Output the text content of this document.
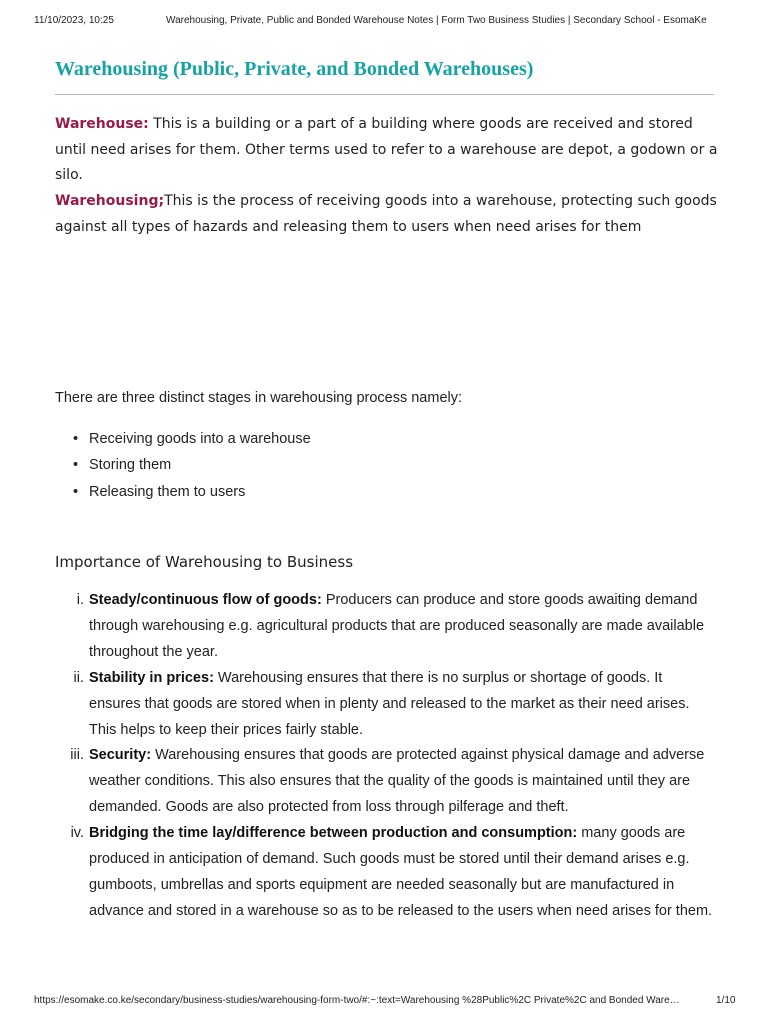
11/10/2023, 10:25	Warehousing, Private, Public and Bonded Warehouse Notes | Form Two Business Studies | Secondary School - EsomaKe
Warehousing (Public, Private, and Bonded Warehouses)

Warehouse: This is a building or a part of a building where goods are received and stored until need arises for them. Other terms used to refer to a warehouse are depot, a godown or a silo.

Warehousing;This is the process of receiving goods into a warehouse, protecting such goods against all types of hazards and releasing them to users when need arises for them

There are three distinct stages in warehousing process namely:

• Receiving goods into a warehouse
• Storing them
• Releasing them to users
Importance of Warehousing to Business
i. Steady/continuous flow of goods: Producers can produce and store goods awaiting demand through warehousing e.g. agricultural products that are produced seasonally are made available throughout the year.
ii. Stability in prices: Warehousing ensures that there is no surplus or shortage of goods. It ensures that goods are stored when in plenty and released to the market as their need arises. This helps to keep their prices fairly stable.
iii. Security: Warehousing ensures that goods are protected against physical damage and adverse weather conditions. This also ensures that the quality of the goods is maintained until they are demanded. Goods are also protected from loss through pilferage and theft.
iv. Bridging the time lay/difference between production and consumption: many goods are produced in anticipation of demand. Such goods must be stored until their demand arises e.g. gumboots, umbrellas and sports equipment are needed seasonally but are manufactured in advance and stored in a warehouse so as to be released to the users when need arises for them.
https://esomake.co.ke/secondary/business-studies/warehousing-form-two/#:~:text=Warehousing %28Public%2C Private%2C and Bonded Ware…	1/10
